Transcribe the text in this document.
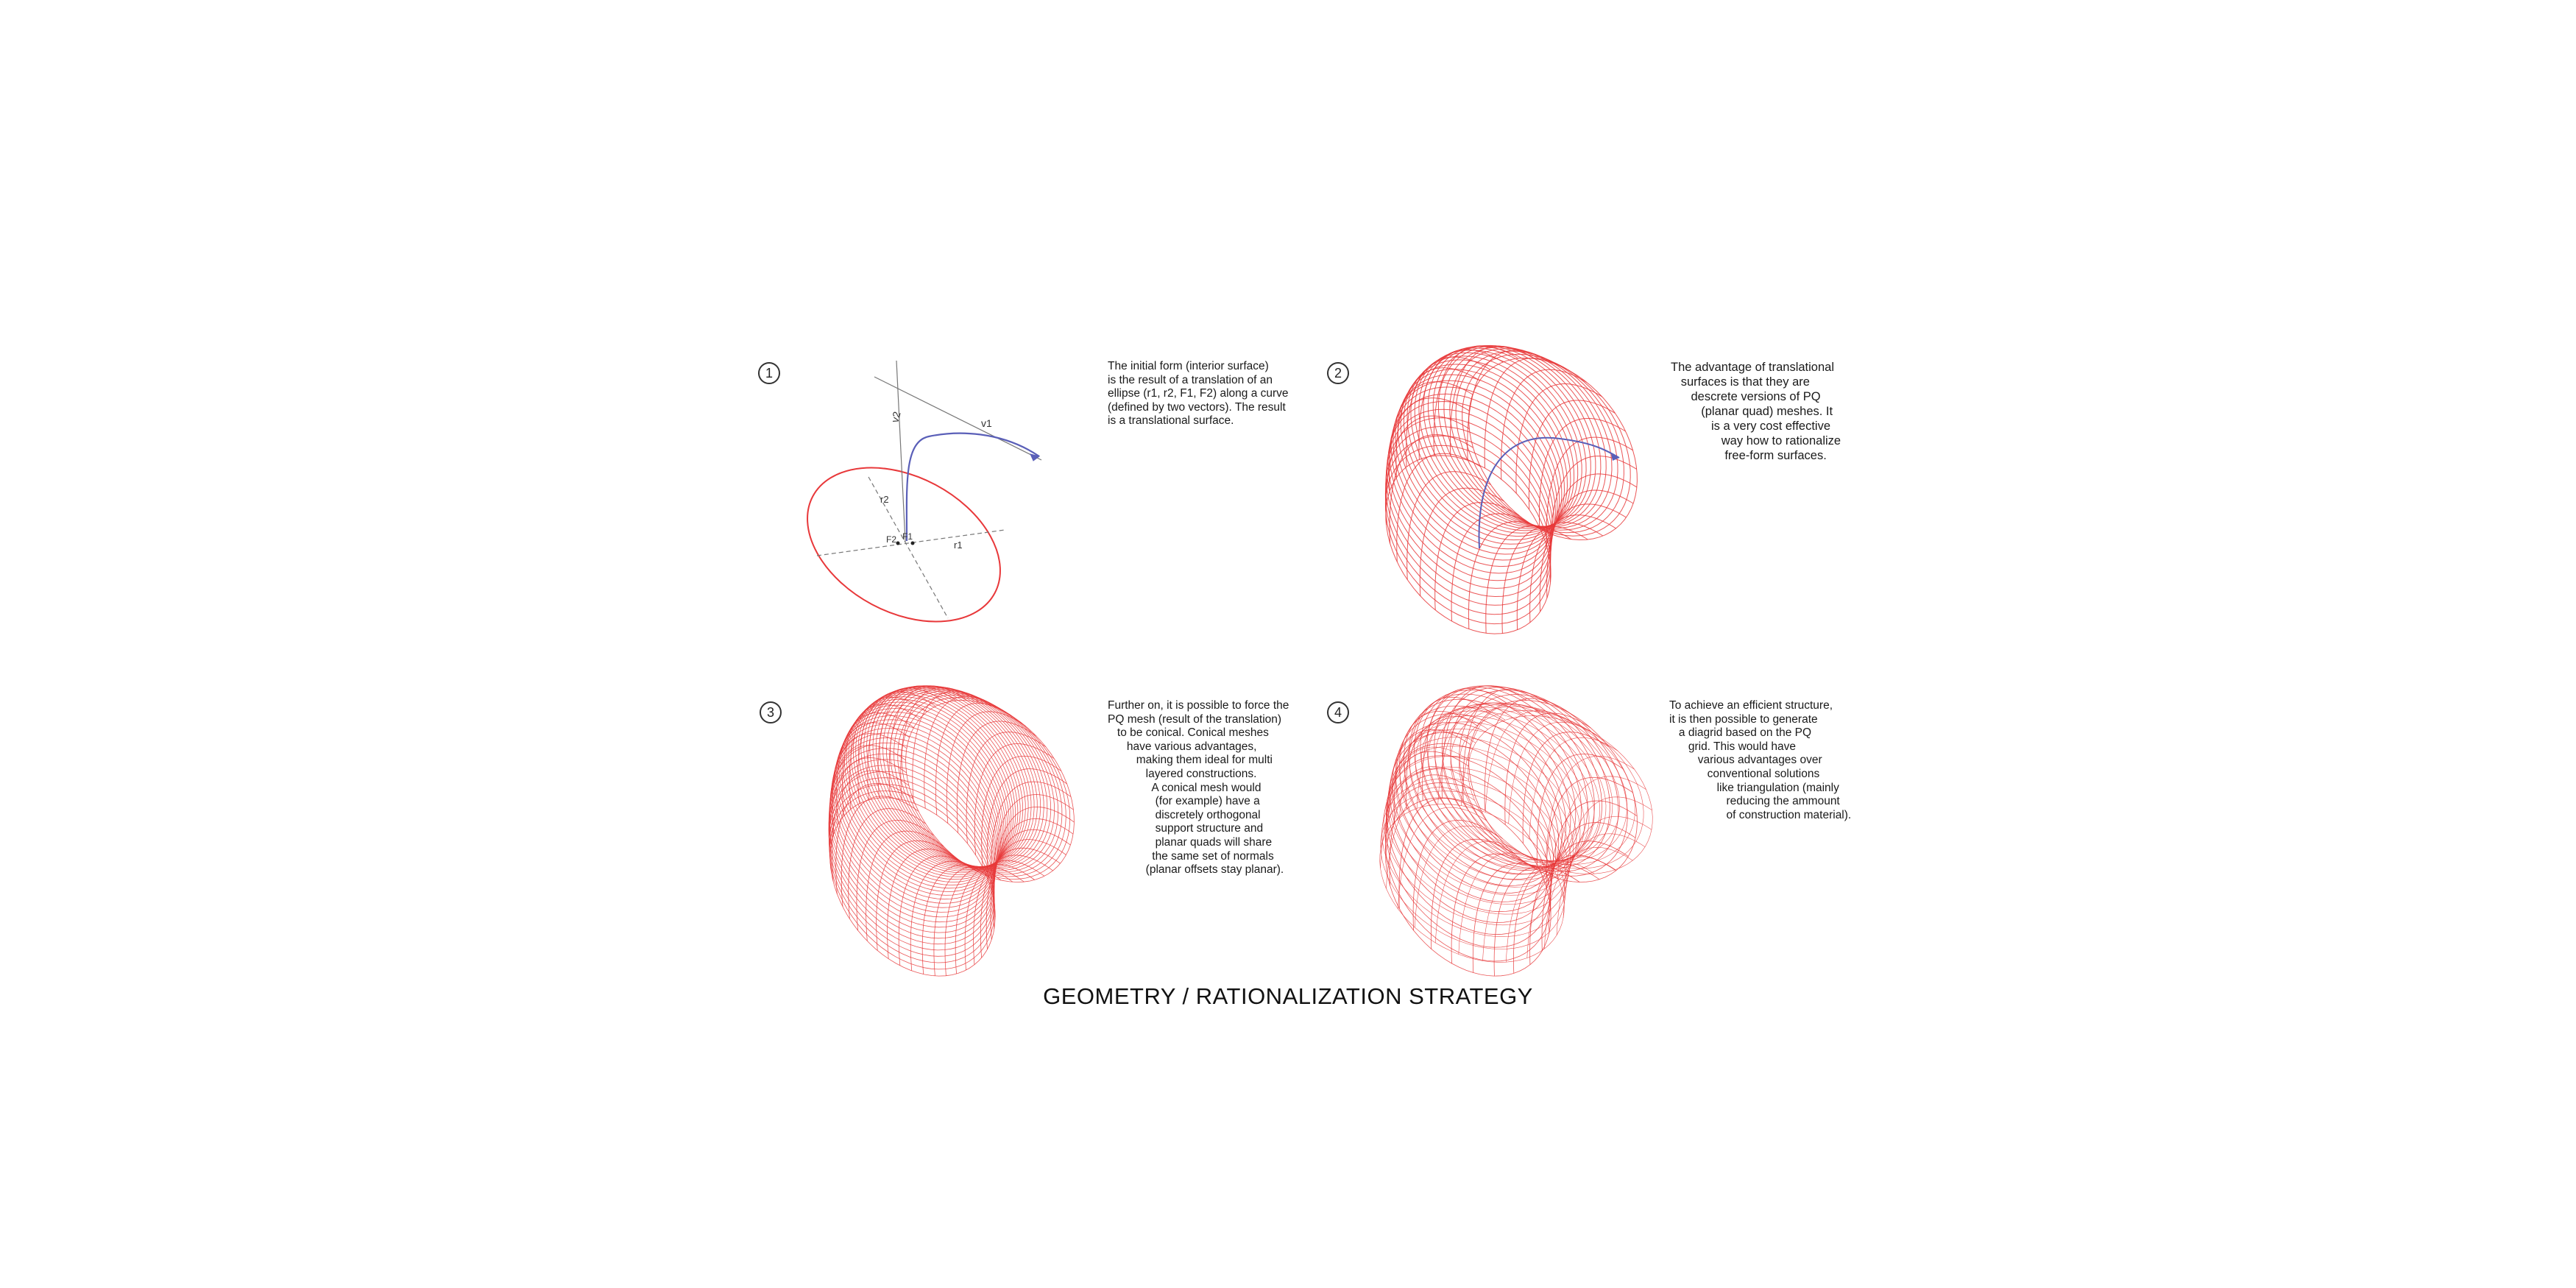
1
v2	v1
r2
r1
F2 F1
The initial form (interior surface)
is the result of a translation of an
ellipse (r1, r2, F1, F2) along a curve
(defined by two vectors). The result
is a translational surface.
2	The advantage of translational
surfaces is that they are
descrete versions of PQ
(planar quad) meshes. It
is a very cost effective
way how to rationalize
free-form surfaces.
3	Further on, it is possible to force the
PQ mesh (result of the translation)
to be conical. Conical meshes
have various advantages,
making them ideal for multi
layered constructions.
A conical mesh would
(for example) have a
discretely orthogonal
support structure and
planar quads will share
the same set of normals
(planar offsets stay planar).
4	To achieve an efficient structure,
it is then possible to generate
a diagrid based on the PQ
grid. This would have
various advantages over
conventional solutions
like triangulation (mainly
reducing the ammount
of construction material).
GEOMETRY / RATIONALIZATION STRATEGY
